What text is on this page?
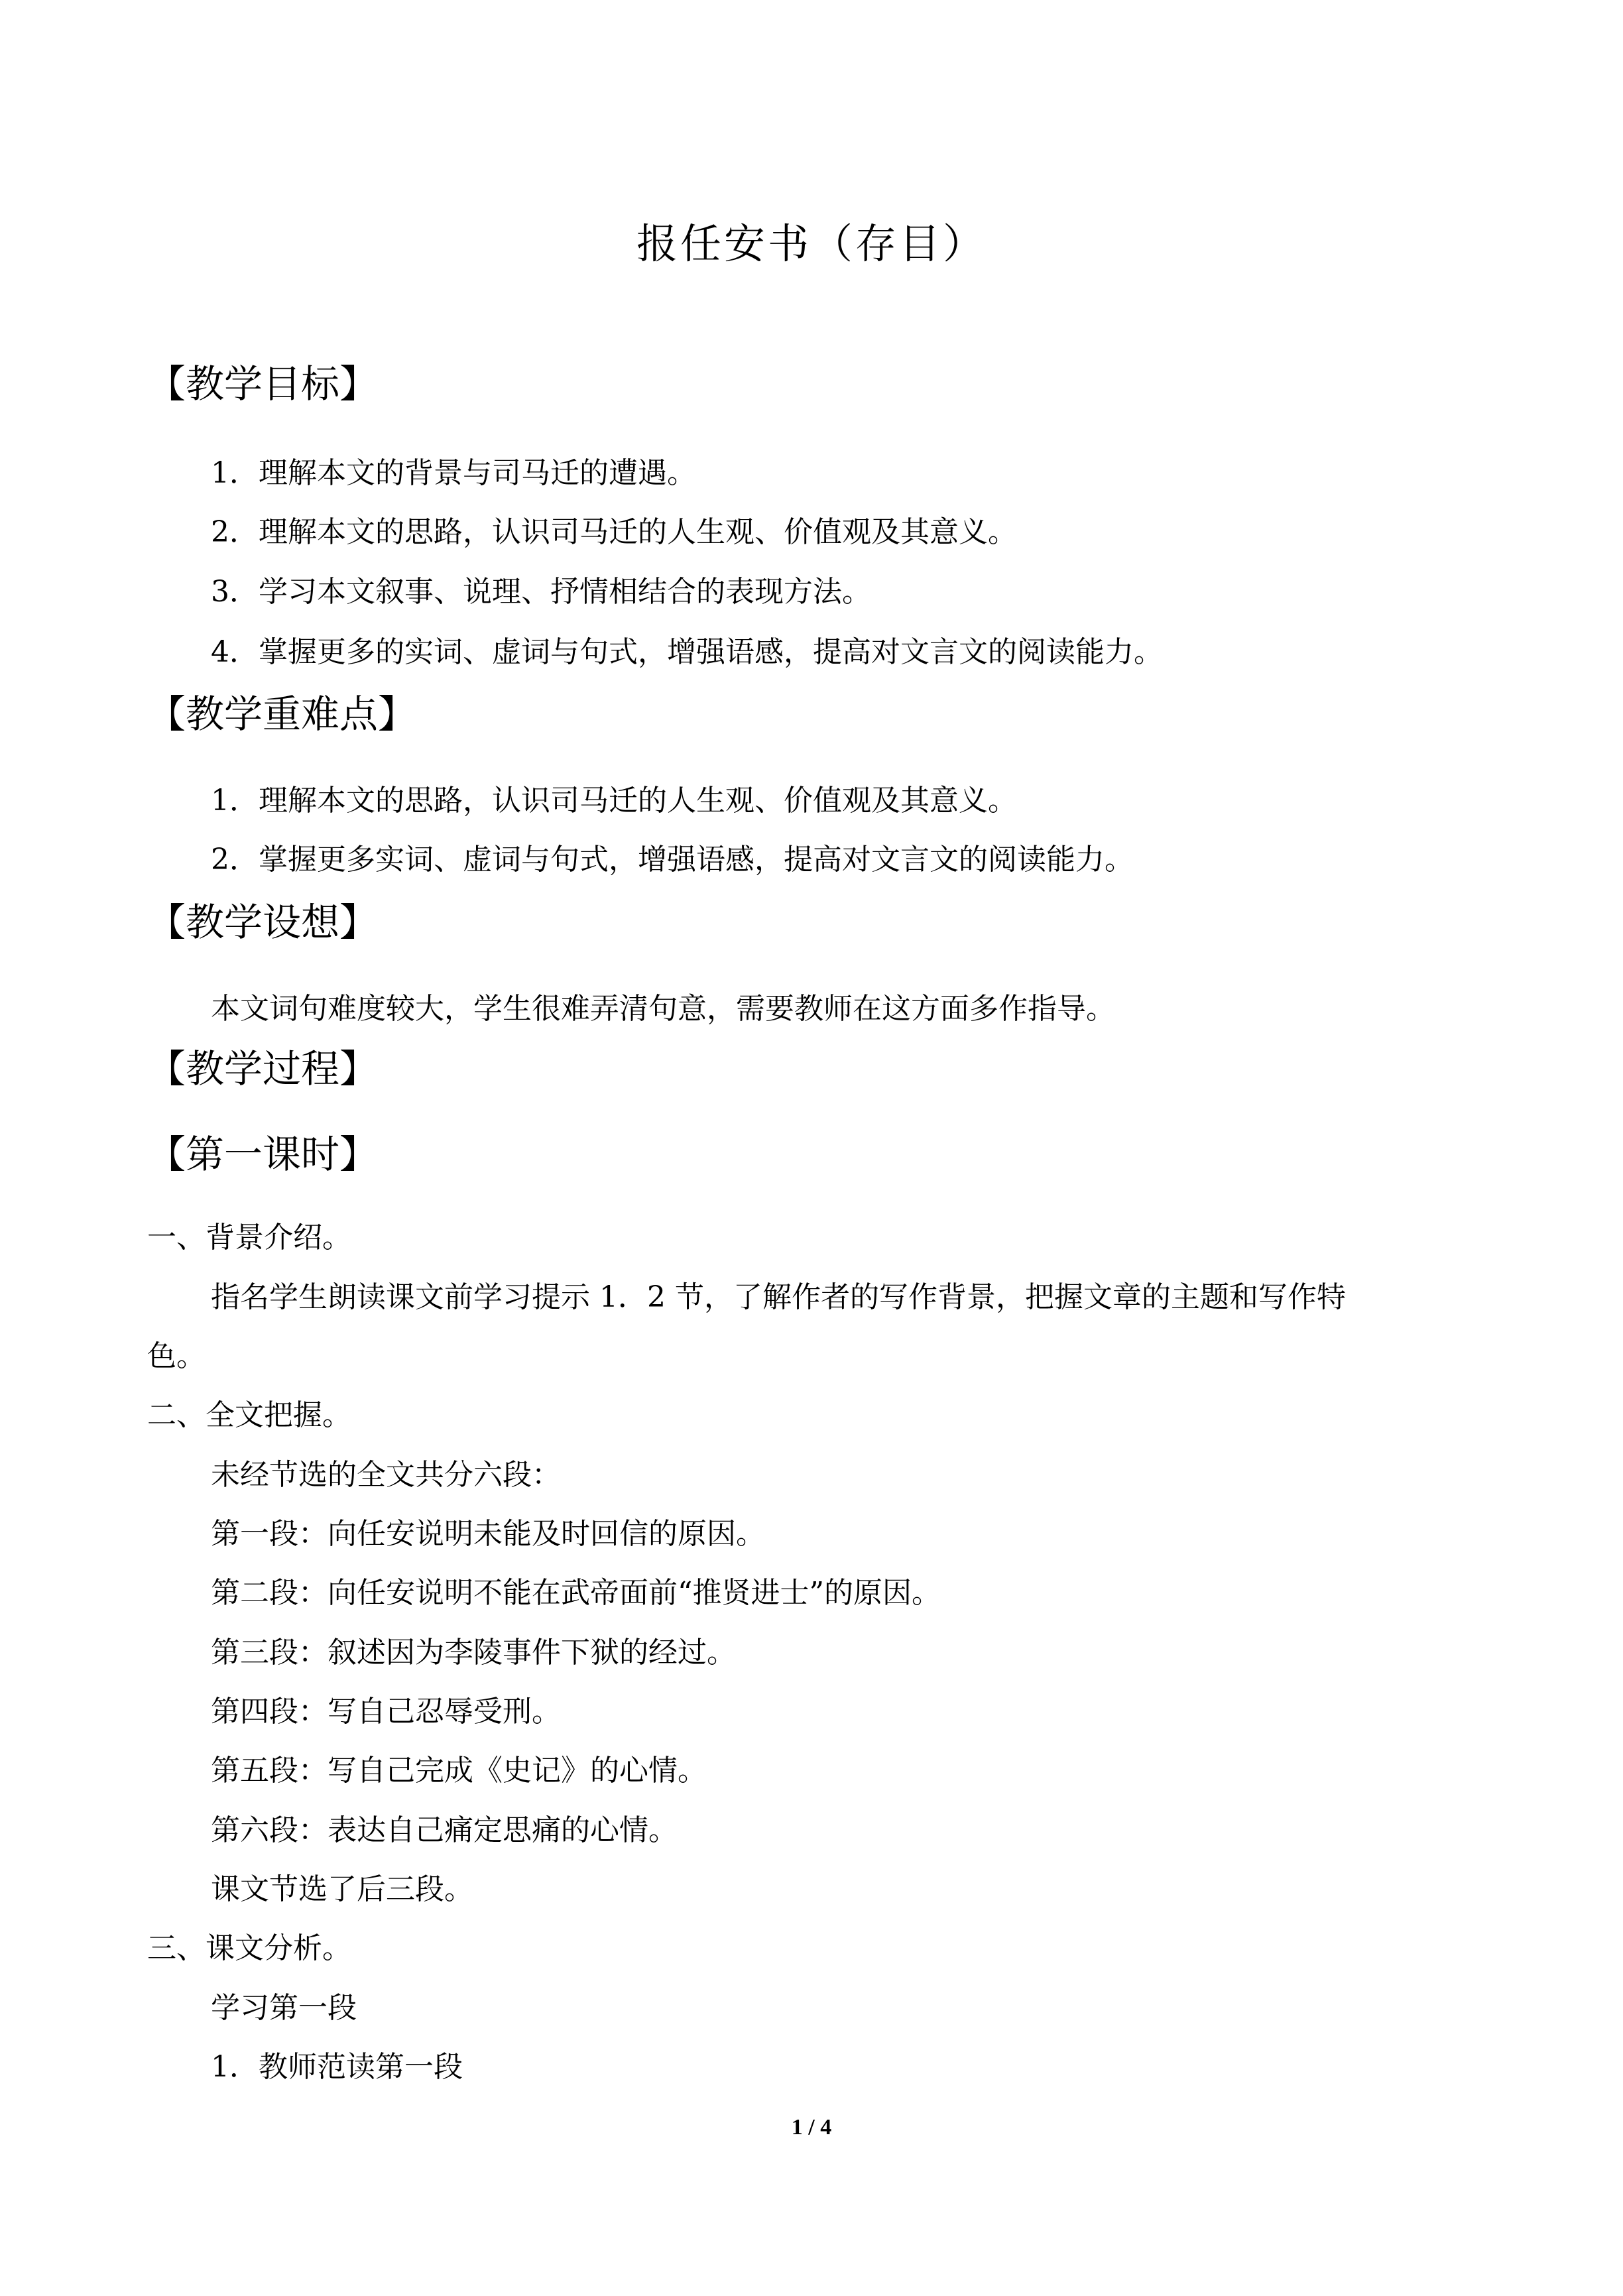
报任安书（存目）
【教学目标】
1．理解本文的背景与司马迁的遭遇。
2．理解本文的思路，认识司马迁的人生观、价值观及其意义。
3．学习本文叙事、说理、抒情相结合的表现方法。
4．掌握更多的实词、虚词与句式，增强语感，提高对文言文的阅读能力。
【教学重难点】
1．理解本文的思路，认识司马迁的人生观、价值观及其意义。
2．掌握更多实词、虚词与句式，增强语感，提高对文言文的阅读能力。
【教学设想】
本文词句难度较大，学生很难弄清句意，需要教师在这方面多作指导。
【教学过程】
【第一课时】
一、背景介绍。
指名学生朗读课文前学习提示 1．2 节，了解作者的写作背景，把握文章的主题和写作特
色。
二、全文把握。
未经节选的全文共分六段：
第一段：向任安说明未能及时回信的原因。
第二段：向任安说明不能在武帝面前“推贤进士”的原因。
第三段：叙述因为李陵事件下狱的经过。
第四段：写自己忍辱受刑。
第五段：写自己完成《史记》的心情。
第六段：表达自己痛定思痛的心情。
课文节选了后三段。
三、课文分析。
学习第一段
1．教师范读第一段
1 / 4
